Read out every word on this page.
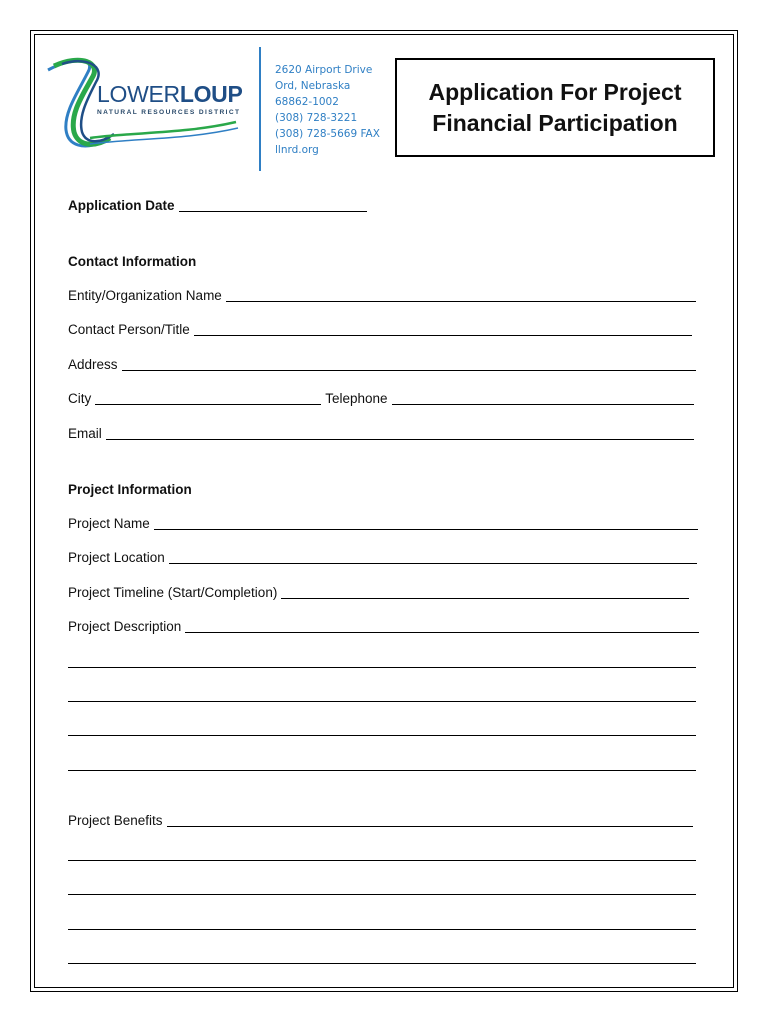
LOWERLOUP
NATURAL RESOURCES DISTRICT
2620 Airport Drive
Ord, Nebraska
68862-1002
(308) 728-3221
(308) 728-5669 FAX
llnrd.org
Application For Project
Financial Participation
Application Date
Contact Information
Entity/Organization Name
Contact Person/Title
Address
City	Telephone
Email
Project Information
Project Name
Project Location
Project Timeline (Start/Completion)
Project Description
Project Benefits
